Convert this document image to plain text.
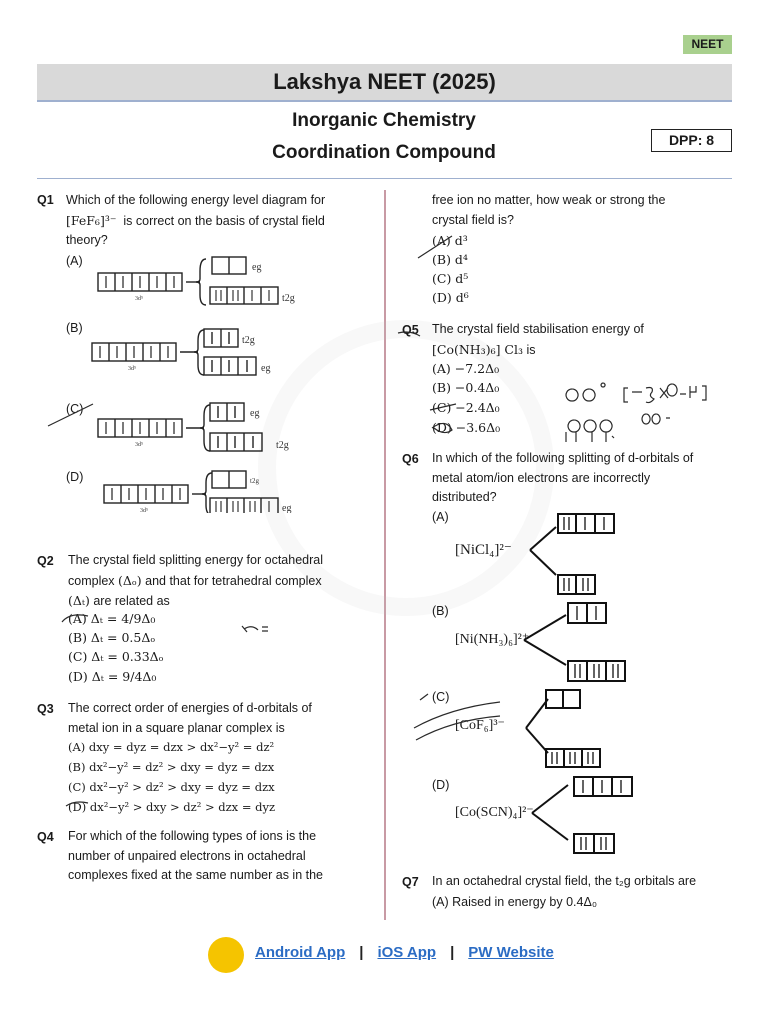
NEET
Lakshya NEET (2025)
Inorganic Chemistry
Coordination Compound
DPP: 8
Q1 Which of the following energy level diagram for
[FeF₆]³⁻ is correct on the basis of crystal field
theory?
(A)
(B)
(C)
(D)
3d⁵
eg
t2g
3d⁵
t2g
eg
3d⁵
eg
t2g
3d⁵
t2g
eg
Q2 The crystal field splitting energy for octahedral
complex (Δₒ) and that for tetrahedral complex
(Δₜ) are related as
(A) Δₜ = 4/9Δ₀
(B) Δₜ = 0.5Δₒ
(C) Δₜ = 0.33Δₒ
(D) Δₜ = 9/4Δ₀
Q3 The correct order of energies of d-orbitals of
metal ion in a square planar complex is
(A) dxy = dyz = dzx > dx²−y² = dz²
(B) dx²−y² = dz² > dxy = dyz = dzx
(C) dx²−y² > dz² > dxy = dyz = dzx
(D) dx²−y² > dxy > dz² > dzx = dyz
Q4 For which of the following types of ions is the
number of unpaired electrons in octahedral
complexes fixed at the same number as in the
free ion no matter, how weak or strong the
crystal field is?
(A) d³
(B) d⁴
(C) d⁵
(D) d⁶
Q5 The crystal field stabilisation energy of
[Co(NH₃)₆] Cl₃ is
(A) −7.2Δ₀
(B) −0.4Δ₀
(C) −2.4Δ₀
(D) −3.6Δ₀
Q6 In which of the following splitting of d-orbitals of
metal atom/ion electrons are incorrectly
distributed?
(A)
(B)
(C)
(D)
[NiCl₄]²⁻
[Ni(NH₃)₆]²⁺
[CoF₆]³⁻
[Co(SCN)₄]²⁻
Q7 In an octahedral crystal field, the t₂g orbitals are
(A) Raised in energy by 0.4Δ₀
Android App | iOS App | PW Website
